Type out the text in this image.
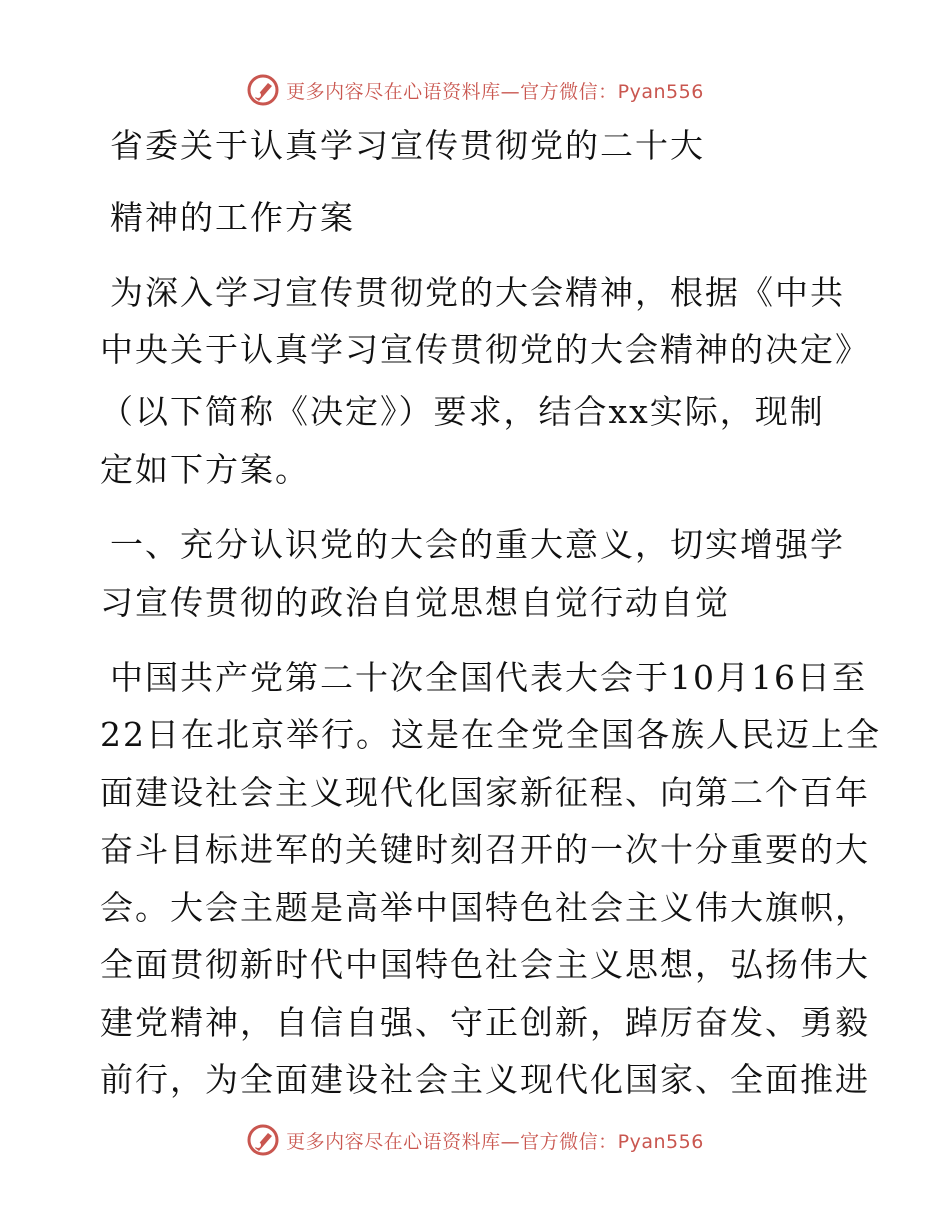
更多内容尽在心语资料库—官方微信：Pyan556
省委关于认真学习宣传贯彻党的二十大
精神的工作方案
为深入学习宣传贯彻党的大会精神，根据《中共
中央关于认真学习宣传贯彻党的大会精神的决定》
（以下简称《决定》）要求，结合xx实际，现制
定如下方案。
一、充分认识党的大会的重大意义，切实增强学
习宣传贯彻的政治自觉思想自觉行动自觉
中国共产党第二十次全国代表大会于10月16日至
22日在北京举行。这是在全党全国各族人民迈上全
面建设社会主义现代化国家新征程、向第二个百年
奋斗目标进军的关键时刻召开的一次十分重要的大
会。大会主题是高举中国特色社会主义伟大旗帜，
全面贯彻新时代中国特色社会主义思想，弘扬伟大
建党精神，自信自强、守正创新，踔厉奋发、勇毅
前行，为全面建设社会主义现代化国家、全面推进
更多内容尽在心语资料库—官方微信：Pyan556
